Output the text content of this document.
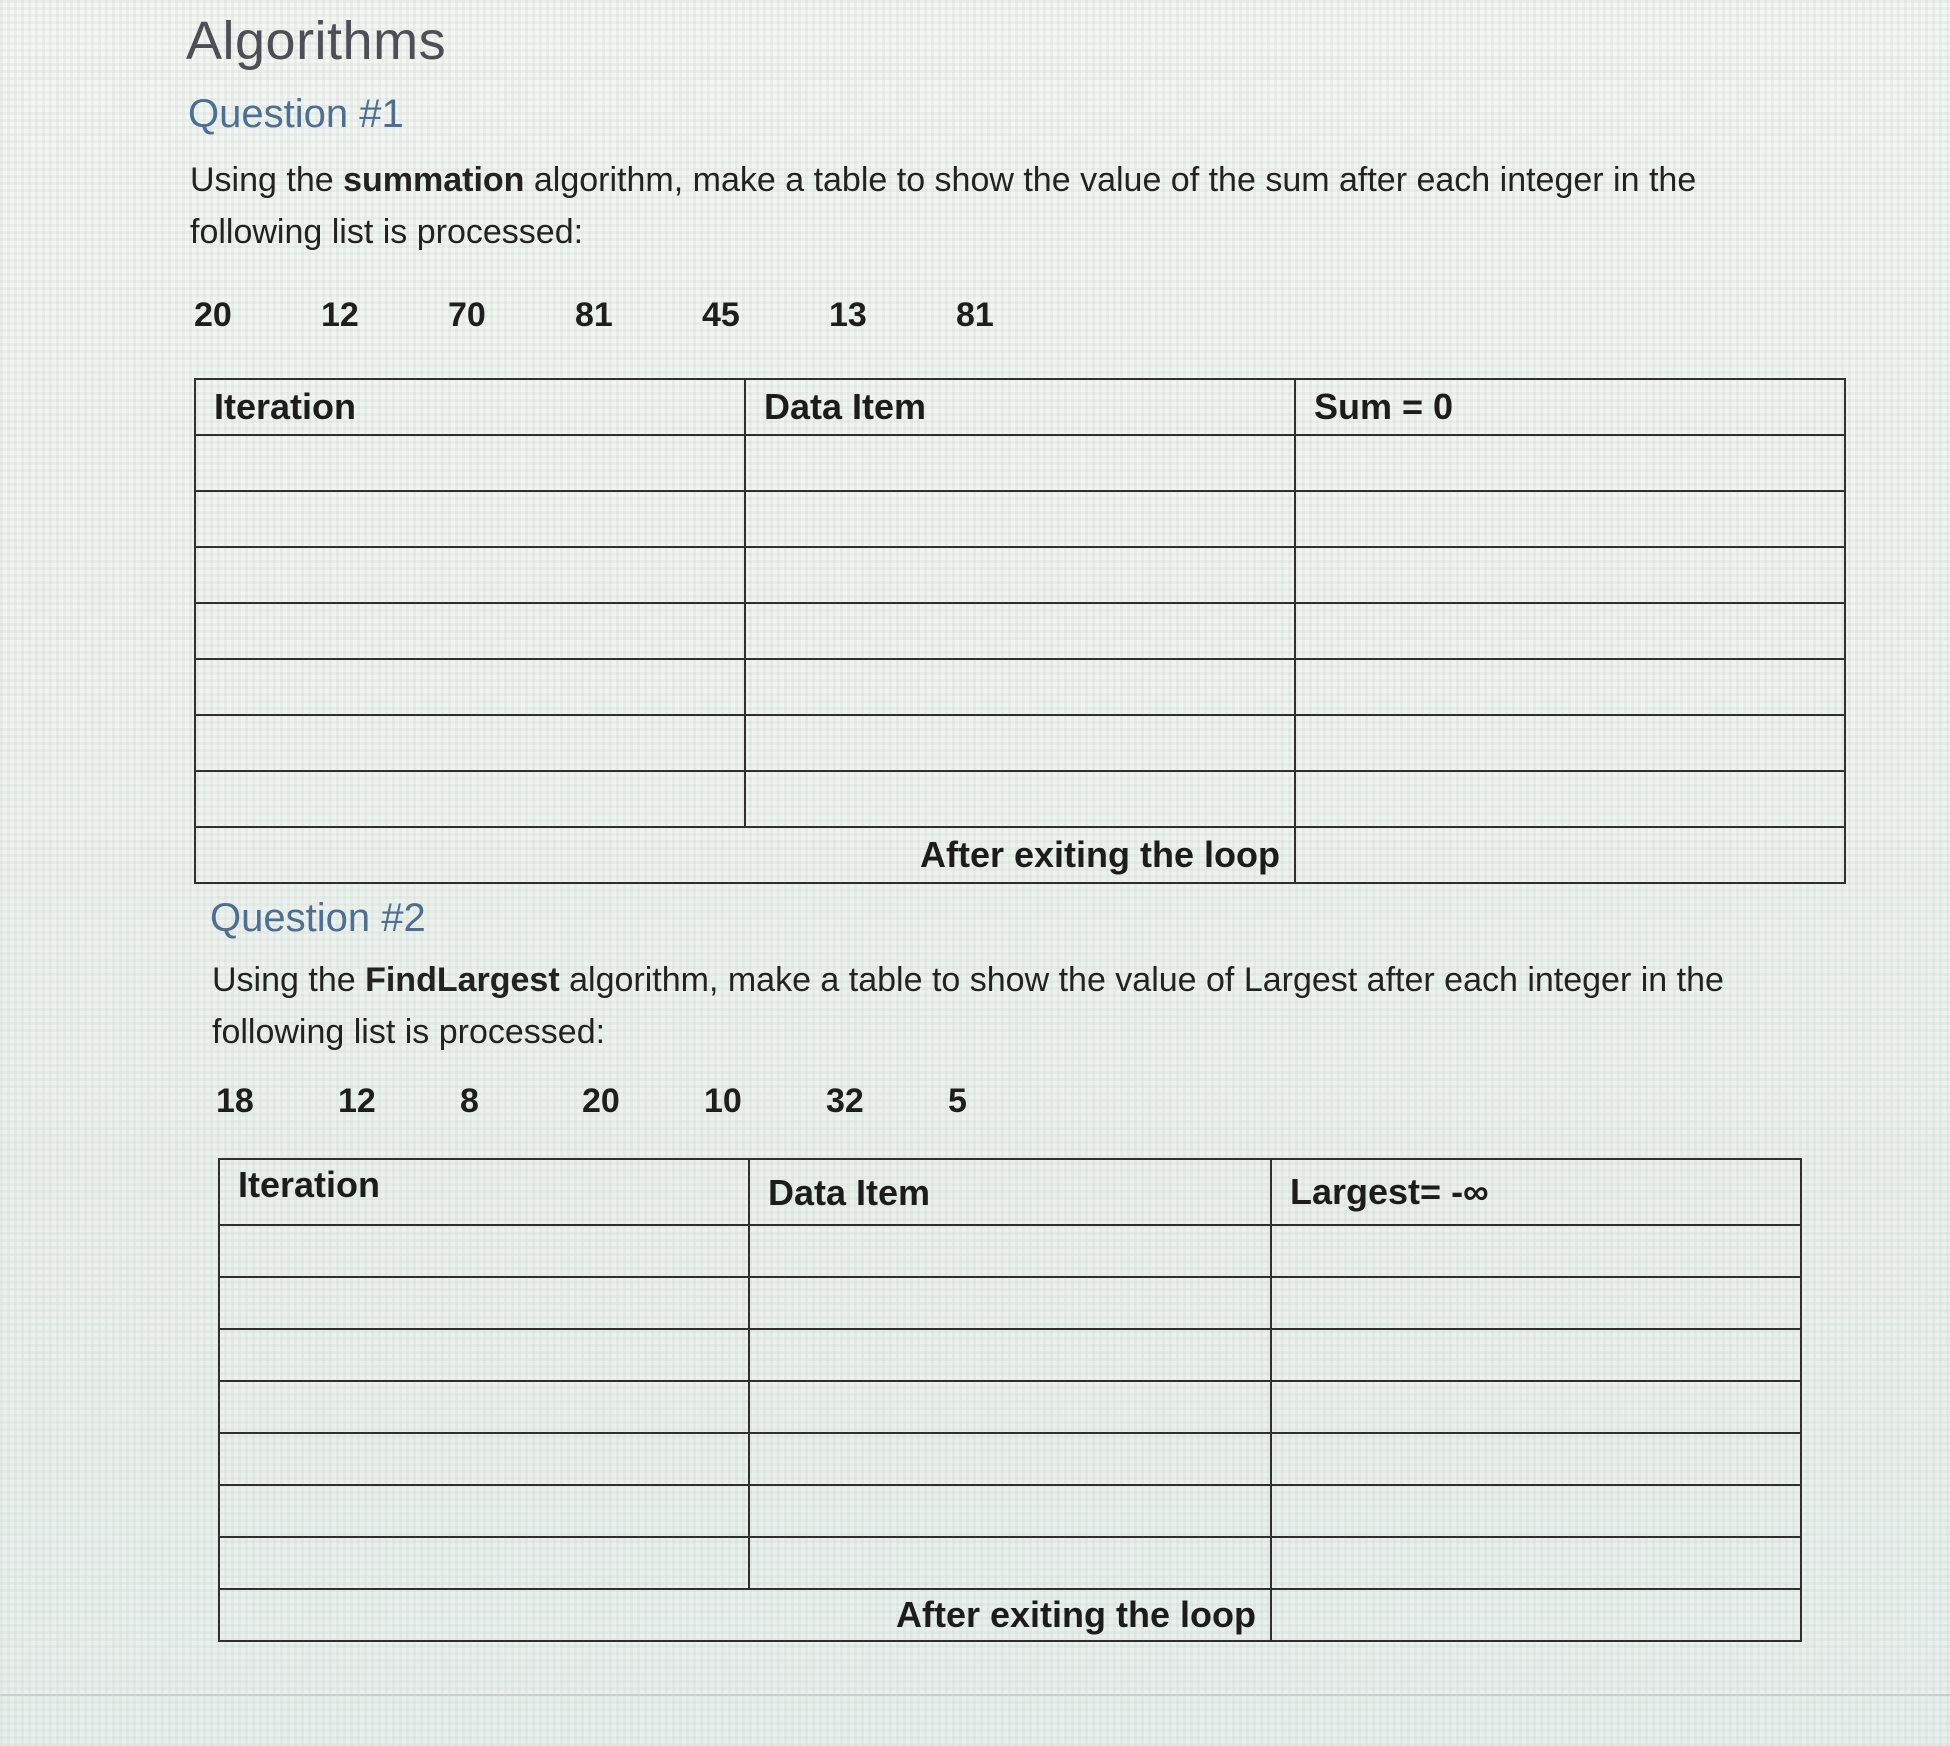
Algorithms
Question #1
Using the summation algorithm, make a table to show the value of the sum after each integer in the following list is processed:
20	12	70	81	45	13	81
Iteration	Data Item	Sum = 0

After exiting the loop		
Question #2
Using the FindLargest algorithm, make a table to show the value of Largest after each integer in the following list is processed:
18	12	8	20	10	32	5
Iteration	Data Item	Largest= -∞

After exiting the loop		
